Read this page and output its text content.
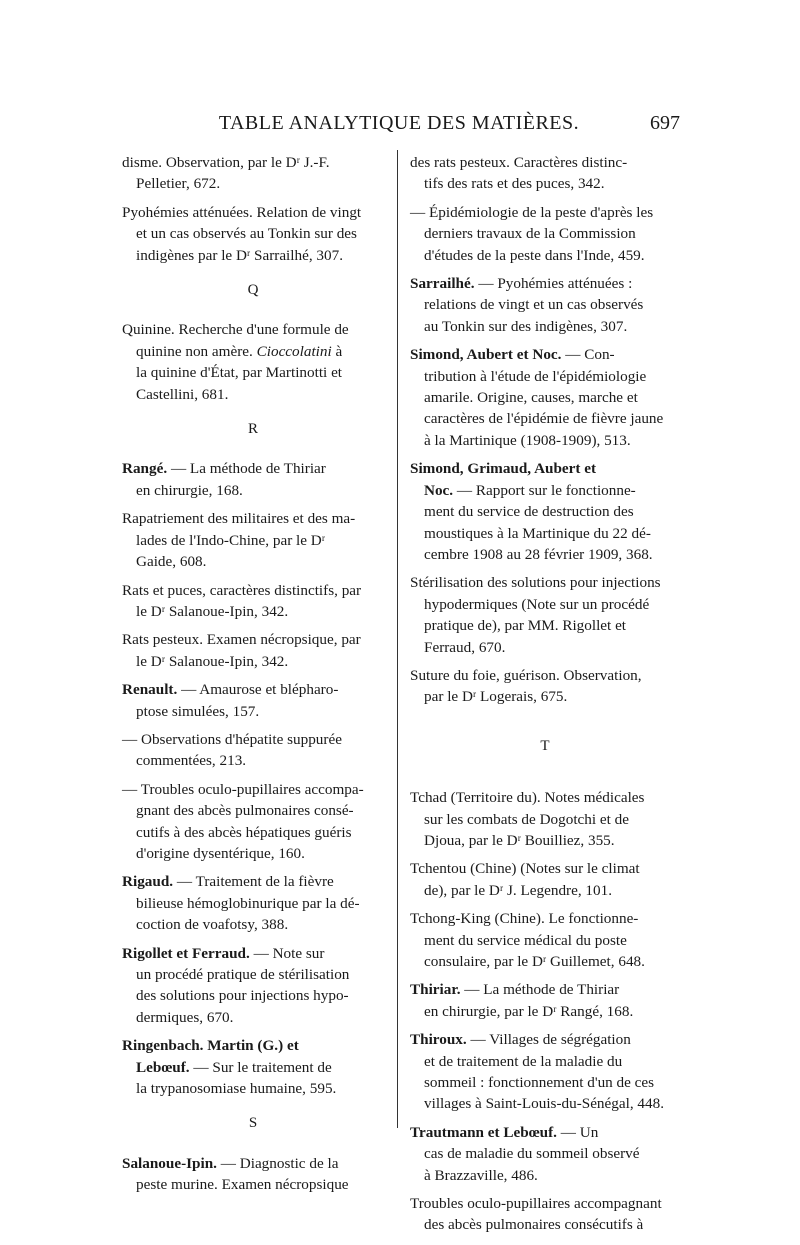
TABLE ANALYTIQUE DES MATIÈRES.	697
disme. Observation, par le Dʳ J.-F.
Pelletier, 672.
Pyohémies atténuées. Relation de vingt
et un cas observés au Tonkin sur des
indigènes par le Dʳ Sarrailhé, 307.
Q
Quinine. Recherche d'une formule de
quinine non amère. Cioccolatini à
la quinine d'État, par Martinotti et
Castellini, 681.
R
Rangé. — La méthode de Thiriar
en chirurgie, 168.
Rapatriement des militaires et des ma-
lades de l'Indo-Chine, par le Dʳ
Gaide, 608.
Rats et puces, caractères distinctifs, par
le Dʳ Salanoue-Ipin, 342.
Rats pesteux. Examen nécropsique, par
le Dʳ Salanoue-Ipin, 342.
Renault. — Amaurose et blépharo-
ptose simulées, 157.
— Observations d'hépatite suppurée
commentées, 213.
— Troubles oculo-pupillaires accompa-
gnant des abcès pulmonaires consé-
cutifs à des abcès hépatiques guéris
d'origine dysentérique, 160.
Rigaud. — Traitement de la fièvre
bilieuse hémoglobinurique par la dé-
coction de voafotsy, 388.
Rigollet et Ferraud. — Note sur
un procédé pratique de stérilisation
des solutions pour injections hypo-
dermiques, 670.
Ringenbach. Martin (G.) et
Lebœuf. — Sur le traitement de
la trypanosomiase humaine, 595.
S
Salanoue-Ipin. — Diagnostic de la
peste murine. Examen nécropsique
des rats pesteux. Caractères distinc-
tifs des rats et des puces, 342.
— Épidémiologie de la peste d'après les
derniers travaux de la Commission
d'études de la peste dans l'Inde, 459.
Sarrailhé. — Pyohémies atténuées :
relations de vingt et un cas observés
au Tonkin sur des indigènes, 307.
Simond, Aubert et Noc. — Con-
tribution à l'étude de l'épidémiologie
amarile. Origine, causes, marche et
caractères de l'épidémie de fièvre jaune
à la Martinique (1908-1909), 513.
Simond, Grimaud, Aubert et
Noc. — Rapport sur le fonctionne-
ment du service de destruction des
moustiques à la Martinique du 22 dé-
cembre 1908 au 28 février 1909, 368.
Stérilisation des solutions pour injections
hypodermiques (Note sur un procédé
pratique de), par MM. Rigollet et
Ferraud, 670.
Suture du foie, guérison. Observation,
par le Dʳ Logerais, 675.
T
Tchad (Territoire du). Notes médicales
sur les combats de Dogotchi et de
Djoua, par le Dʳ Bouilliez, 355.
Tchentou (Chine) (Notes sur le climat
de), par le Dʳ J. Legendre, 101.
Tchong-King (Chine). Le fonctionne-
ment du service médical du poste
consulaire, par le Dʳ Guillemet, 648.
Thiriar. — La méthode de Thiriar
en chirurgie, par le Dʳ Rangé, 168.
Thiroux. — Villages de ségrégation
et de traitement de la maladie du
sommeil : fonctionnement d'un de ces
villages à Saint-Louis-du-Sénégal, 448.
Trautmann et Lebœuf. — Un
cas de maladie du sommeil observé
à Brazzaville, 486.
Troubles oculo-pupillaires accompagnant
des abcès pulmonaires consécutifs à
